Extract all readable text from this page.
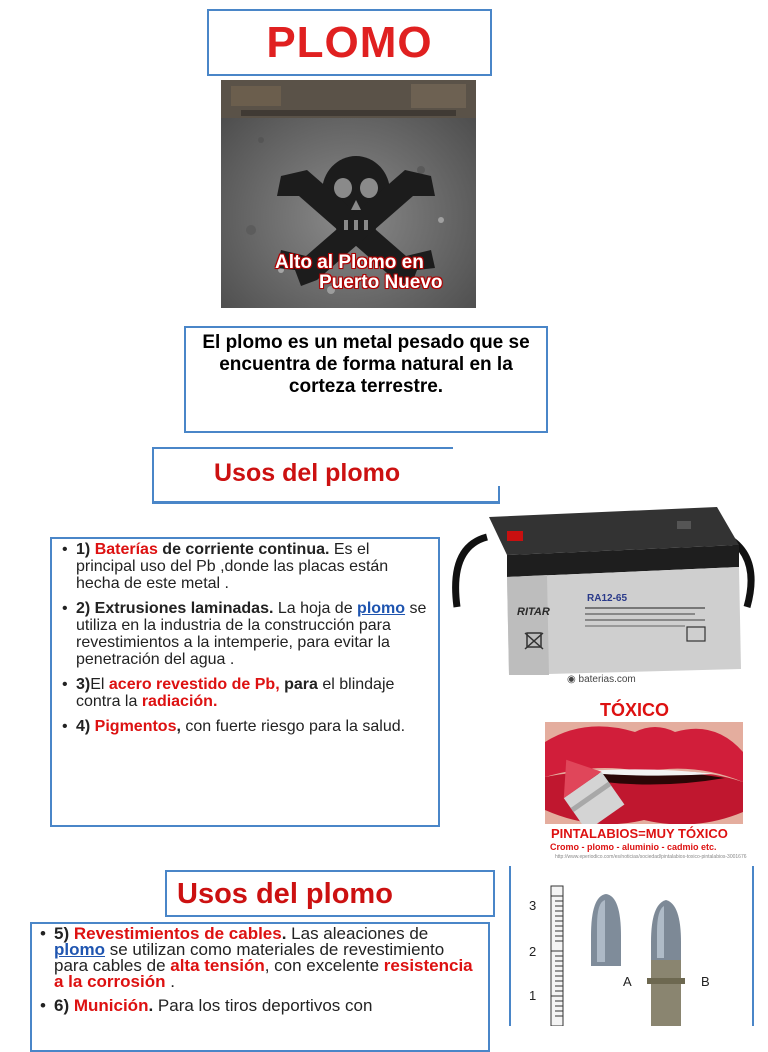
PLOMO
Alto al Plomo en
Puerto Nuevo

El plomo es un metal pesado que se encuentra de forma natural en la corteza terrestre.

Usos del plomo
• 1) Baterías de corriente continua. Es el principal uso del Pb ,donde las placas están hecha de este metal .
• 2) Extrusiones laminadas. La hoja de plomo se utiliza en la industria de la construcción para revestimientos a la intemperie, para evitar la penetración del agua .
• 3)El acero revestido de Pb, para el blindaje contra la radiación.
• 4) Pigmentos, con fuerte riesgo para la salud.
RITAR
RA12-65
◉ baterias.com
TÓXICO
PINTALABIOS=MUY TÓXICO
Cromo - plomo - aluminio - cadmio etc.
http://www.eperiodico.com/es/noticias/sociedad/pintalabios-toxico-pintalabios-3001676
Usos del plomo
• 5) Revestimientos de cables. Las aleaciones de plomo se utilizan como materiales de revestimiento para cables de alta tensión, con excelente resistencia a la corrosión .
• 6) Munición. Para los tiros deportivos con
3
2
1
A	B
